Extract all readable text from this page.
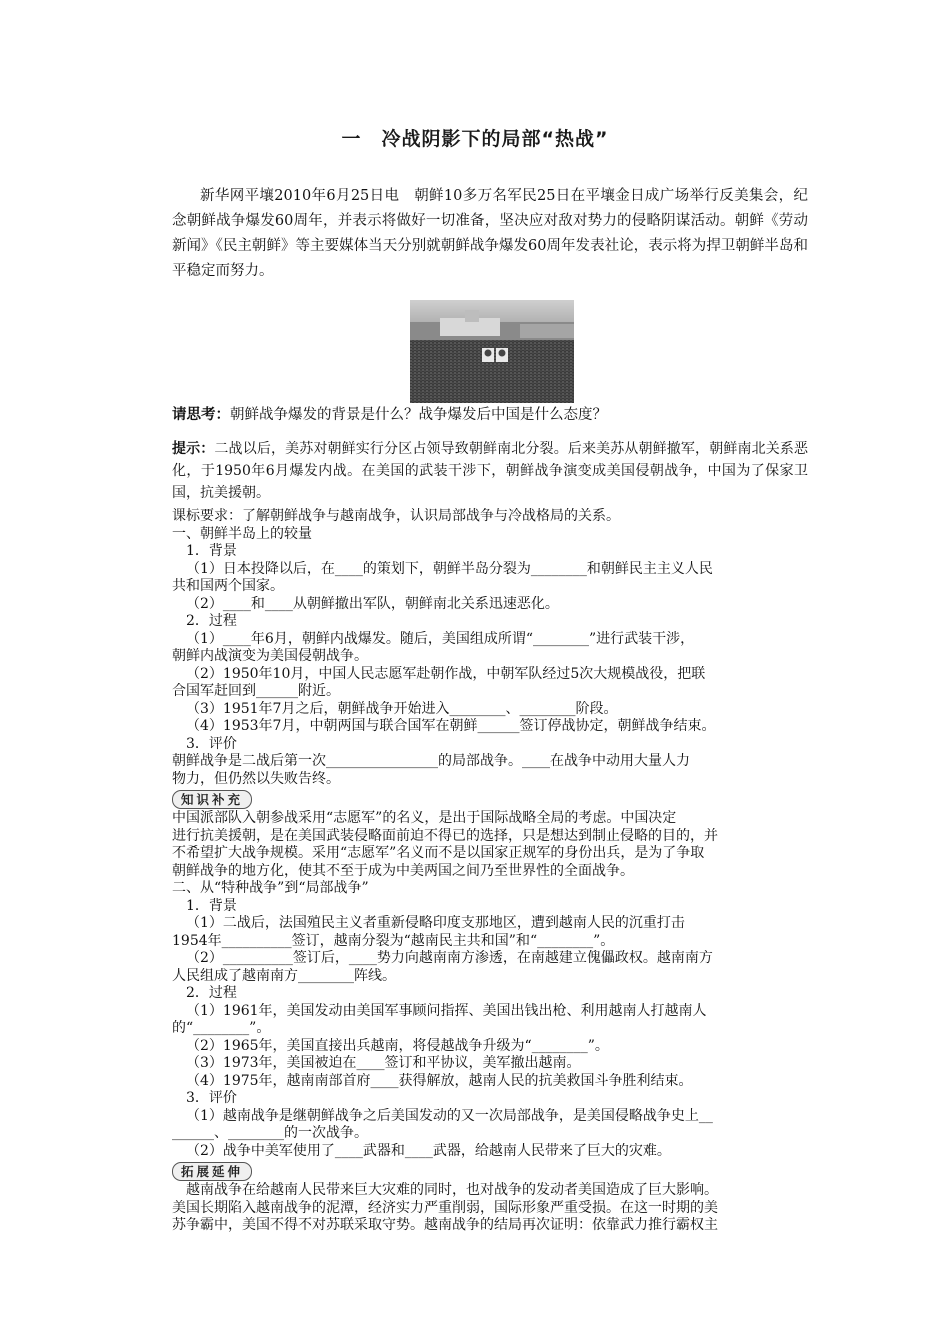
一　冷战阴影下的局部“热战”
新华网平壤2010年6月25日电　朝鲜10多万名军民25日在平壤金日成广场举行反美集会，纪念朝鲜战争爆发60周年，并表示将做好一切准备，坚决应对敌对势力的侵略阴谋活动。朝鲜《劳动新闻》《民主朝鲜》等主要媒体当天分别就朝鲜战争爆发60周年发表社论，表示将为捍卫朝鲜半岛和平稳定而努力。
请思考：朝鲜战争爆发的背景是什么？战争爆发后中国是什么态度？
提示：二战以后，美苏对朝鲜实行分区占领导致朝鲜南北分裂。后来美苏从朝鲜撤军，朝鲜南北关系恶化，于1950年6月爆发内战。在美国的武装干涉下，朝鲜战争演变成美国侵朝战争，中国为了保家卫国，抗美援朝。
课标要求：了解朝鲜战争与越南战争，认识局部战争与冷战格局的关系。
一、朝鲜半岛上的较量
1．背景
（1）日本投降以后，在____的策划下，朝鲜半岛分裂为________和朝鲜民主主义人民
共和国两个国家。
（2）____和____从朝鲜撤出军队，朝鲜南北关系迅速恶化。
2．过程
（1）____年6月，朝鲜内战爆发。随后，美国组成所谓“________”进行武装干涉，
朝鲜内战演变为美国侵朝战争。
（2）1950年10月，中国人民志愿军赴朝作战，中朝军队经过5次大规模战役，把联
合国军赶回到______附近。
（3）1951年7月之后，朝鲜战争开始进入________、________阶段。
（4）1953年7月，中朝两国与联合国军在朝鲜______签订停战协定，朝鲜战争结束。
3．评价
朝鲜战争是二战后第一次________________的局部战争。____在战争中动用大量人力
物力，但仍然以失败告终。
知识补充
中国派部队入朝参战采用“志愿军”的名义，是出于国际战略全局的考虑。中国决定
进行抗美援朝，是在美国武装侵略面前迫不得已的选择，只是想达到制止侵略的目的，并
不希望扩大战争规模。采用“志愿军”名义而不是以国家正规军的身份出兵，是为了争取
朝鲜战争的地方化，使其不至于成为中美两国之间乃至世界性的全面战争。
二、从“特种战争”到“局部战争”
1．背景
（1）二战后，法国殖民主义者重新侵略印度支那地区，遭到越南人民的沉重打击
1954年__________签订，越南分裂为“越南民主共和国”和“________”。
（2）__________签订后，____势力向越南南方渗透，在南越建立傀儡政权。越南南方
人民组成了越南南方________阵线。
2．过程
（1）1961年，美国发动由美国军事顾问指挥、美国出钱出枪、利用越南人打越南人
的“________”。
（2）1965年，美国直接出兵越南，将侵越战争升级为“________”。
（3）1973年，美国被迫在____签订和平协议，美军撤出越南。
（4）1975年，越南南部首府____获得解放，越南人民的抗美救国斗争胜利结束。
3．评价
（1）越南战争是继朝鲜战争之后美国发动的又一次局部战争，是美国侵略战争史上__
______、________的一次战争。
（2）战争中美军使用了____武器和____武器，给越南人民带来了巨大的灾难。
拓展延伸
越南战争在给越南人民带来巨大灾难的同时，也对战争的发动者美国造成了巨大影响。
美国长期陷入越南战争的泥潭，经济实力严重削弱，国际形象严重受损。在这一时期的美
苏争霸中，美国不得不对苏联采取守势。越南战争的结局再次证明：依靠武力推行霸权主
